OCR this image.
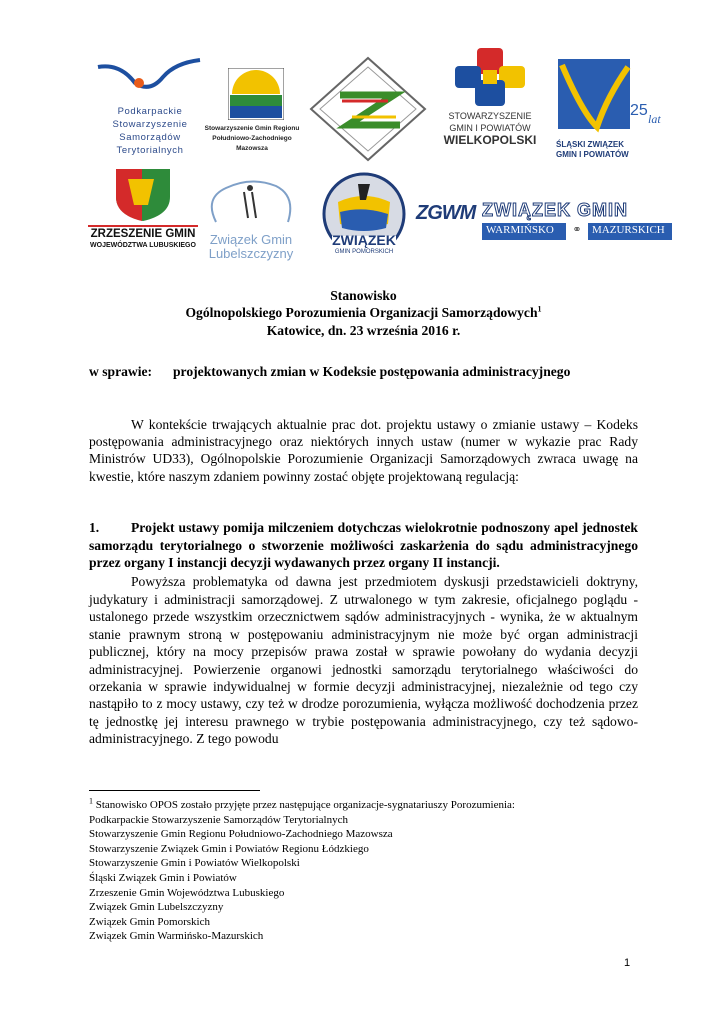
Podkarpackie
Stowarzyszenie
Samorządów
Terytorialnych
Stowarzyszenie Gmin Regionu
Południowo-Zachodniego
Mazowsza
STOWARZYSZENIE
GMIN I POWIATÓW
WIELKOPOLSKI
25 lat
ŚLĄSKI ZWIĄZEK
GMIN I POWIATÓW
ZRZESZENIE GMIN
WOJEWÓDZTWA LUBUSKIEGO	Związek Gmin
Lubelszczyzny
ZWIĄZEK
GMIN POMORSKICH
ZGWM ZWIĄZEK GMIN
WARMIŃSKO	⚭ MAZURSKICH
Stanowisko
Ogólnopolskiego Porozumienia Organizacji Samorządowych$^1$
Katowice, dn. 23 września 2016 r.
w sprawie:	projektowanych zmian w Kodeksie postępowania administracyjnego

W kontekście trwających aktualnie prac dot. projektu ustawy o zmianie ustawy – Kodeks postępowania administracyjnego oraz niektórych innych ustaw (numer w wykazie prac Rady Ministrów UD33), Ogólnopolskie Porozumienie Organizacji Samorządowych zwraca uwagę na kwestie, które naszym zdaniem powinny zostać objęte projektowaną regulacją:

1. Projekt ustawy pomija milczeniem dotychczas wielokrotnie podnoszony apel jednostek samorządu terytorialnego o stworzenie możliwości zaskarżenia do sądu administracyjnego przez organy I instancji decyzji wydawanych przez organy II instancji.

Powyższa problematyka od dawna jest przedmiotem dyskusji przedstawicieli doktryny, judykatury i administracji samorządowej. Z utrwalonego w tym zakresie, oficjalnego poglądu - ustalonego przede wszystkim orzecznictwem sądów administracyjnych - wynika, że w aktualnym stanie prawnym stroną w postępowaniu administracyjnym nie może być organ administracji publicznej, który na mocy przepisów prawa został w sprawie powołany do wydania decyzji administracyjnej. Powierzenie organowi jednostki samorządu terytorialnego właściwości do orzekania w sprawie indywidualnej w formie decyzji administracyjnej, niezależnie od tego czy nastąpiło to z mocy ustawy, czy też w drodze porozumienia, wyłącza możliwość dochodzenia przez tę jednostkę jej interesu prawnego w trybie postępowania administracyjnego, czy też sądowo-administracyjnego. Z tego powodu

$^1$ Stanowisko OPOS zostało przyjęte przez następujące organizacje-sygnatariuszy Porozumienia:
Podkarpackie Stowarzyszenie Samorządów Terytorialnych
Stowarzyszenie Gmin Regionu Południowo-Zachodniego Mazowsza
Stowarzyszenie Związek Gmin i Powiatów Regionu Łódzkiego
Stowarzyszenie Gmin i Powiatów Wielkopolski
Śląski Związek Gmin i Powiatów
Zrzeszenie Gmin Województwa Lubuskiego
Związek Gmin Lubelszczyzny
Związek Gmin Pomorskich
Związek Gmin Warmińsko-Mazurskich
1
